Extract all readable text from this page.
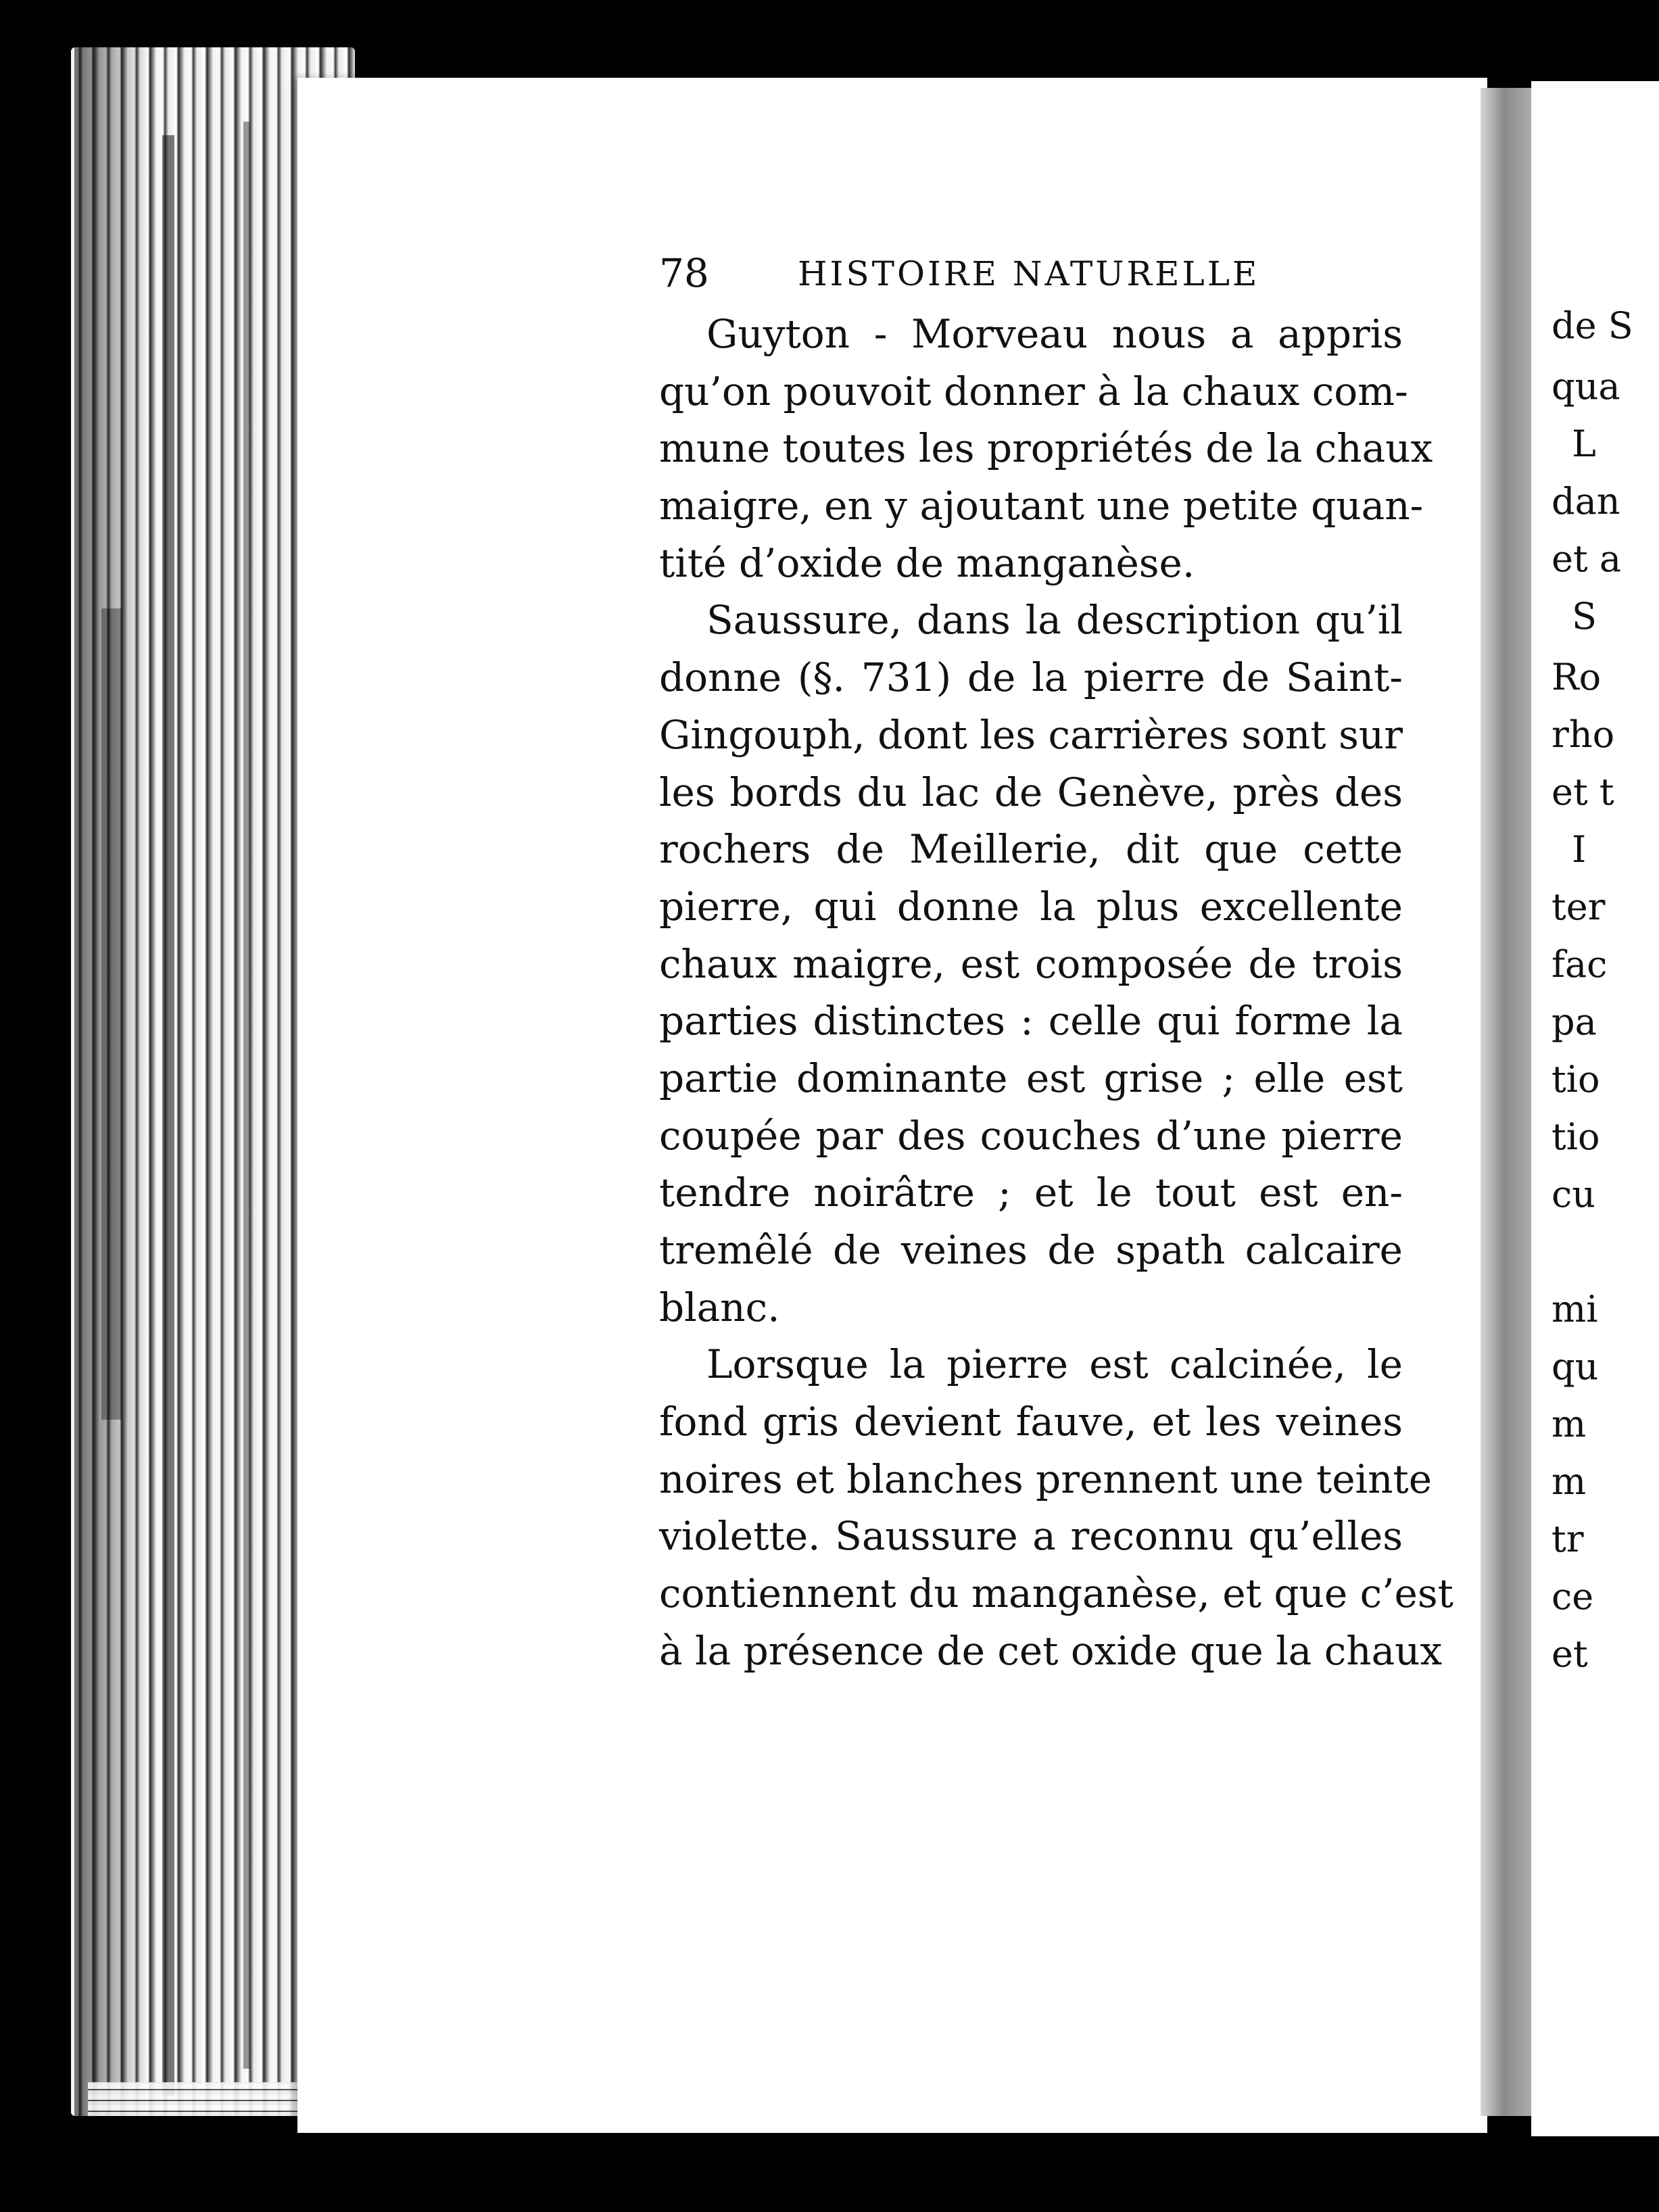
de S
qua
L
dan
et a
S
Ro
rho
et t
I
ter
fac
pa
tio
tio
cu
mi
qu
m
m
tr
ce
et
78	HISTOIRE NATURELLE
Guyton - Morveau nous a appris
qu’on pouvoit donner à la chaux com-
mune toutes les propriétés de la chaux
maigre, en y ajoutant une petite quan-
tité d’oxide de manganèse.
Saussure, dans la description qu’il
donne (§. 731) de la pierre de Saint-
Gingouph, dont les carrières sont sur
les bords du lac de Genève, près des
rochers de Meillerie, dit que cette
pierre, qui donne la plus excellente
chaux maigre, est composée de trois
parties distinctes : celle qui forme la
partie dominante est grise ; elle est
coupée par des couches d’une pierre
tendre noirâtre ; et le tout est en-
tremêlé de veines de spath calcaire
blanc.
Lorsque la pierre est calcinée, le
fond gris devient fauve, et les veines
noires et blanches prennent une teinte
violette. Saussure a reconnu qu’elles
contiennent du manganèse, et que c’est
à la présence de cet oxide que la chaux
